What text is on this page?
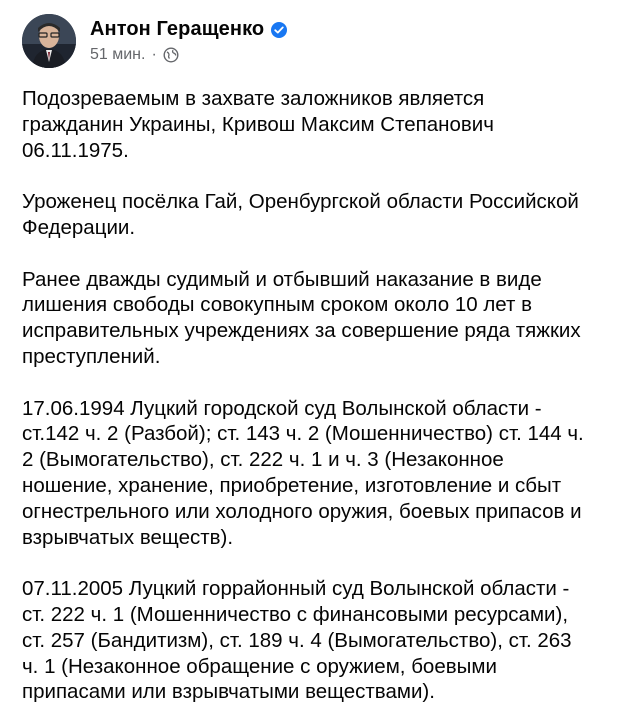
Антон Геращенко
51 мин. ·

Подозреваемым в захвате заложников является
гражданин Украины, Кривош Максим Степанович
06.11.1975.

Уроженец посёлка Гай, Оренбургской области Российской
Федерации.

Ранее дважды судимый и отбывший наказание в виде
лишения свободы совокупным сроком около 10 лет в
исправительных учреждениях за совершение ряда тяжких
преступлений.

17.06.1994 Луцкий городской суд Волынской области -
ст.142 ч. 2 (Разбой); ст. 143 ч. 2 (Мошенничество) ст. 144 ч.
2 (Вымогательство), ст. 222 ч. 1 и ч. 3 (Незаконное
ношение, хранение, приобретение, изготовление и сбыт
огнестрельного или холодного оружия, боевых припасов и
взрывчатых веществ).

07.11.2005 Луцкий горрайонный суд Волынской области -
ст. 222 ч. 1 (Мошенничество с финансовыми ресурсами),
ст. 257 (Бандитизм), ст. 189 ч. 4 (Вымогательство), ст. 263
ч. 1 (Незаконное обращение с оружием, боевыми
припасами или взрывчатыми веществами).
